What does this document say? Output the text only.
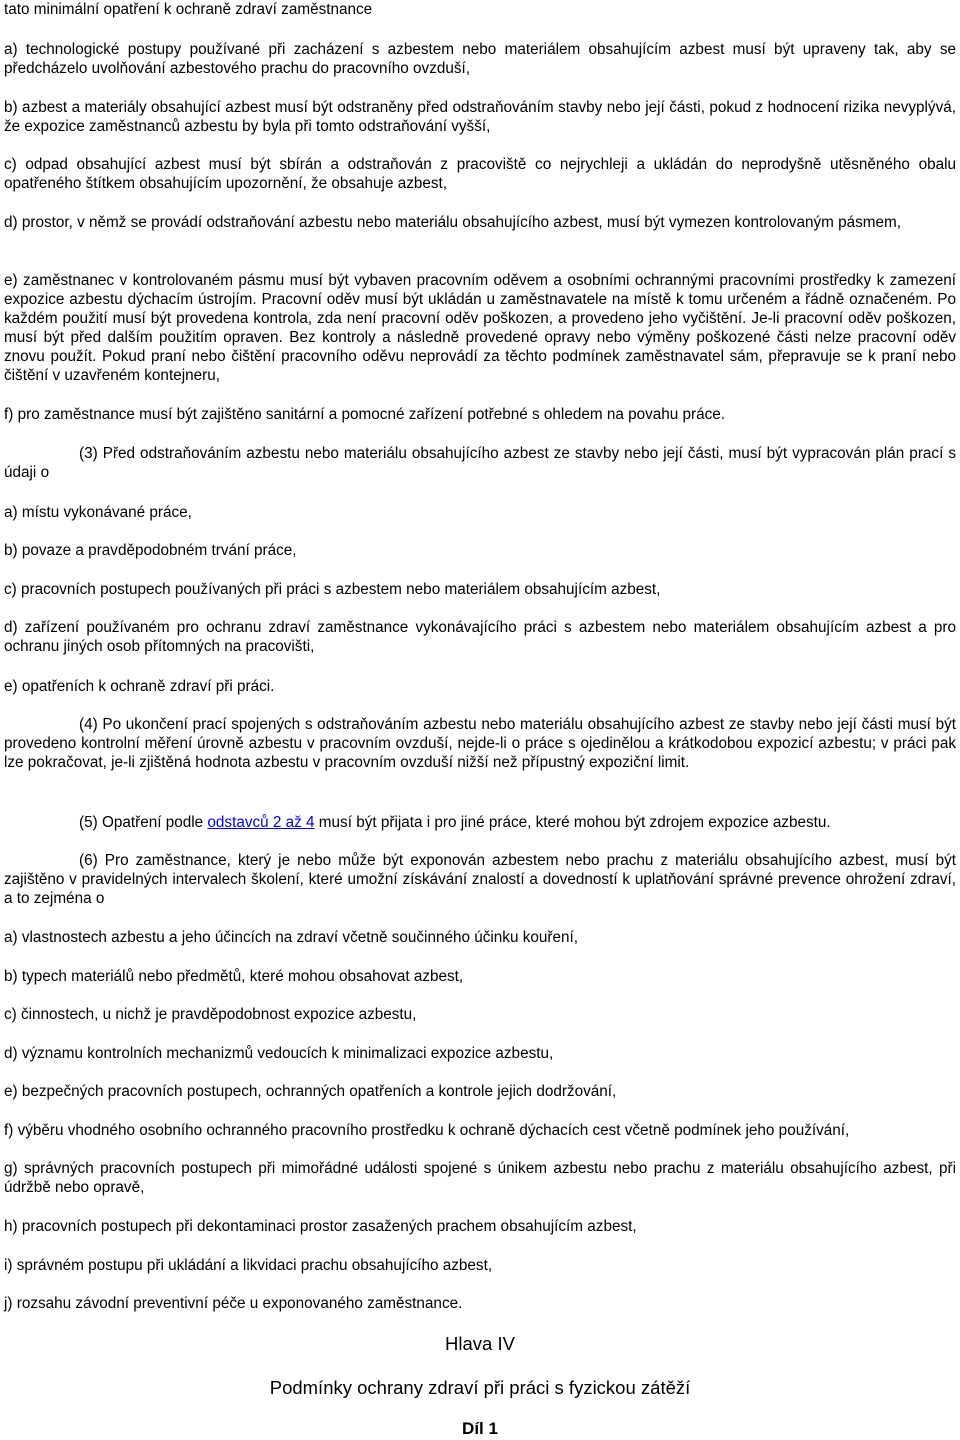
tato minimální opatření k ochraně zdraví zaměstnance

a) technologické postupy používané při zacházení s azbestem nebo materiálem obsahujícím azbest musí být upraveny tak, aby se předcházelo uvolňování azbestového prachu do pracovního ovzduší,

b) azbest a materiály obsahující azbest musí být odstraněny před odstraňováním stavby nebo její části, pokud z hodnocení rizika nevyplývá, že expozice zaměstnanců azbestu by byla při tomto odstraňování vyšší,

c) odpad obsahující azbest musí být sbírán a odstraňován z pracoviště co nejrychleji a ukládán do neprodyšně utěsněného obalu opatřeného štítkem obsahujícím upozornění, že obsahuje azbest,

d) prostor, v němž se provádí odstraňování azbestu nebo materiálu obsahujícího azbest, musí být vymezen kontrolovaným pásmem,

e) zaměstnanec v kontrolovaném pásmu musí být vybaven pracovním oděvem a osobními ochrannými pracovními prostředky k zamezení expozice azbestu dýchacím ústrojím. Pracovní oděv musí být ukládán u zaměstnavatele na místě k tomu určeném a řádně označeném. Po každém použití musí být provedena kontrola, zda není pracovní oděv poškozen, a provedeno jeho vyčištění. Je-li pracovní oděv poškozen, musí být před dalším použitím opraven. Bez kontroly a následně provedené opravy nebo výměny poškozené části nelze pracovní oděv znovu použít. Pokud praní nebo čištění pracovního oděvu neprovádí za těchto podmínek zaměstnavatel sám, přepravuje se k praní nebo čištění v uzavřeném kontejneru,

f) pro zaměstnance musí být zajištěno sanitární a pomocné zařízení potřebné s ohledem na povahu práce.

(3) Před odstraňováním azbestu nebo materiálu obsahujícího azbest ze stavby nebo její části, musí být vypracován plán prací s údaji o

a) místu vykonávané práce,

b) povaze a pravděpodobném trvání práce,

c) pracovních postupech používaných při práci s azbestem nebo materiálem obsahujícím azbest,

d) zařízení používaném pro ochranu zdraví zaměstnance vykonávajícího práci s azbestem nebo materiálem obsahujícím azbest a pro ochranu jiných osob přítomných na pracovišti,

e) opatřeních k ochraně zdraví při práci.

(4) Po ukončení prací spojených s odstraňováním azbestu nebo materiálu obsahujícího azbest ze stavby nebo její části musí být provedeno kontrolní měření úrovně azbestu v pracovním ovzduší, nejde-li o práce s ojedinělou a krátkodobou expozicí azbestu; v práci pak lze pokračovat, je-li zjištěná hodnota azbestu v pracovním ovzduší nižší než přípustný expoziční limit.

(5) Opatření podle odstavců 2 až 4 musí být přijata i pro jiné práce, které mohou být zdrojem expozice azbestu.

(6) Pro zaměstnance, který je nebo může být exponován azbestem nebo prachu z materiálu obsahujícího azbest, musí být zajištěno v pravidelných intervalech školení, které umožní získávání znalostí a dovedností k uplatňování správné prevence ohrožení zdraví, a to zejména o

a) vlastnostech azbestu a jeho účincích na zdraví včetně součinného účinku kouření,

b) typech materiálů nebo předmětů, které mohou obsahovat azbest,

c) činnostech, u nichž je pravděpodobnost expozice azbestu,

d) významu kontrolních mechanizmů vedoucích k minimalizaci expozice azbestu,

e) bezpečných pracovních postupech, ochranných opatřeních a kontrole jejich dodržování,

f) výběru vhodného osobního ochranného pracovního prostředku k ochraně dýchacích cest včetně podmínek jeho používání,

g) správných pracovních postupech při mimořádné události spojené s únikem azbestu nebo prachu z materiálu obsahujícího azbest, při údržbě nebo opravě,

h) pracovních postupech při dekontaminaci prostor zasažených prachem obsahujícím azbest,

i) správném postupu při ukládání a likvidaci prachu obsahujícího azbest,

j) rozsahu závodní preventivní péče u exponovaného zaměstnance.

Hlava IV

Podmínky ochrany zdraví při práci s fyzickou zátěží

Díl 1
